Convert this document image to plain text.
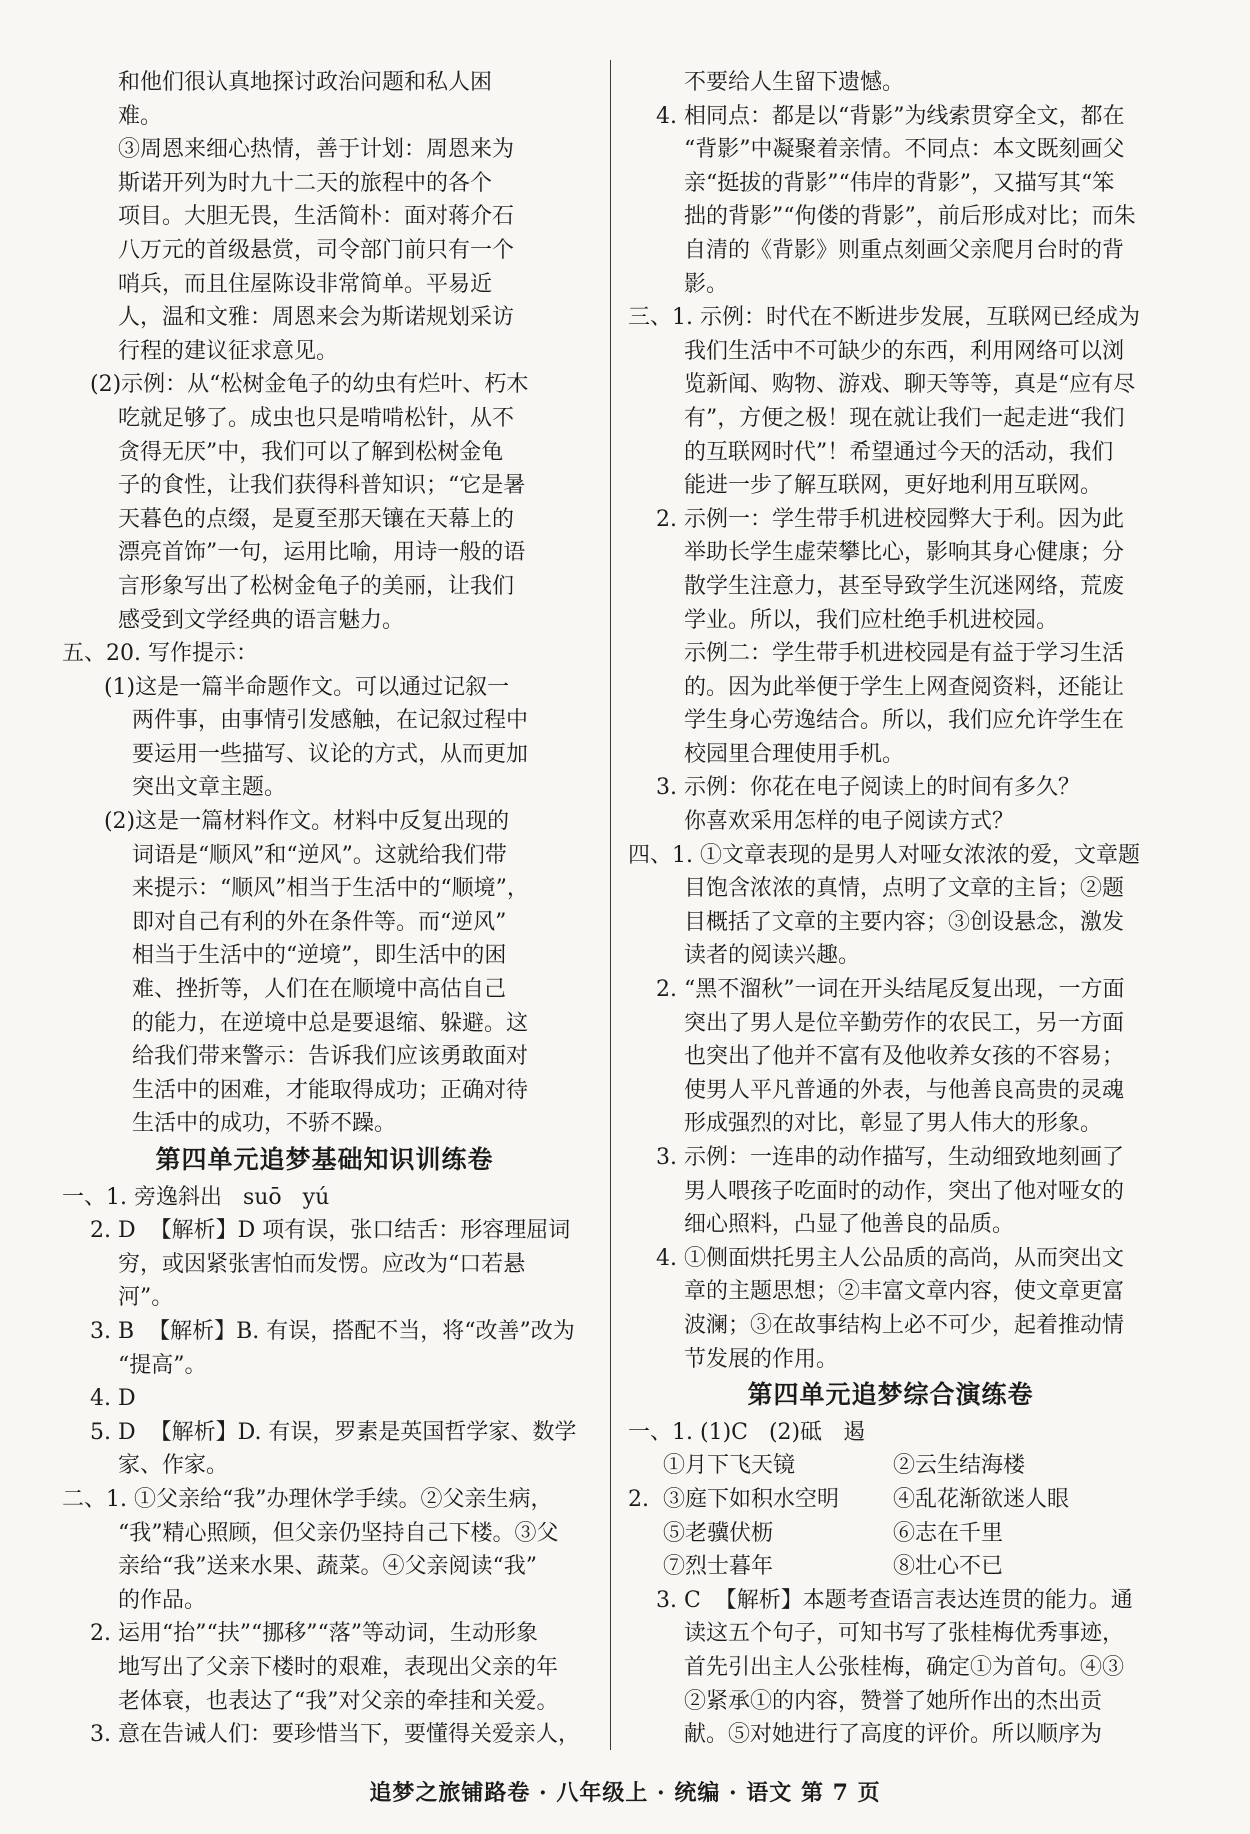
和他们很认真地探讨政治问题和私人困
难。

③周恩来细心热情，善于计划：周恩来为
斯诺开列为时九十二天的旅程中的各个
项目。大胆无畏，生活简朴：面对蒋介石
八万元的首级悬赏，司令部门前只有一个
哨兵，而且住屋陈设非常简单。平易近
人，温和文雅：周恩来会为斯诺规划采访
行程的建议征求意见。

(2)示例：从“松树金龟子的幼虫有烂叶、朽木
吃就足够了。成虫也只是啃啃松针，从不
贪得无厌”中，我们可以了解到松树金龟
子的食性，让我们获得科普知识；“它是暑
天暮色的点缀，是夏至那天镶在天幕上的
漂亮首饰”一句，运用比喻，用诗一般的语
言形象写出了松树金龟子的美丽，让我们
感受到文学经典的语言魅力。

五、20. 写作提示：

(1)这是一篇半命题作文。可以通过记叙一
两件事，由事情引发感触，在记叙过程中
要运用一些描写、议论的方式，从而更加
突出文章主题。

(2)这是一篇材料作文。材料中反复出现的
词语是“顺风”和“逆风”。这就给我们带
来提示：“顺风”相当于生活中的“顺境”，
即对自己有利的外在条件等。而“逆风”
相当于生活中的“逆境”，即生活中的困
难、挫折等，人们在在顺境中高估自己
的能力，在逆境中总是要退缩、躲避。这
给我们带来警示：告诉我们应该勇敢面对
生活中的困难，才能取得成功；正确对待
生活中的成功，不骄不躁。

第四单元追梦基础知识训练卷

一、1. 旁逸斜出   suō   yú

2. D  【解析】D 项有误，张口结舌：形容理屈词
穷，或因紧张害怕而发愣。应改为“口若悬
河”。

3. B  【解析】B. 有误，搭配不当，将“改善”改为
“提高”。

4. D

5. D  【解析】D. 有误，罗素是英国哲学家、数学
家、作家。

二、1. ①父亲给“我”办理休学手续。②父亲生病，
“我”精心照顾，但父亲仍坚持自己下楼。③父
亲给“我”送来水果、蔬菜。④父亲阅读“我”
的作品。

2. 运用“抬”“扶”“挪移”“落”等动词，生动形象
地写出了父亲下楼时的艰难，表现出父亲的年
老体衰，也表达了“我”对父亲的牵挂和关爱。

3. 意在告诫人们：要珍惜当下，要懂得关爱亲人，

不要给人生留下遗憾。

4. 相同点：都是以“背影”为线索贯穿全文，都在
“背影”中凝聚着亲情。不同点：本文既刻画父
亲“挺拔的背影”“伟岸的背影”，又描写其“笨
拙的背影”“佝偻的背影”，前后形成对比；而朱
自清的《背影》则重点刻画父亲爬月台时的背
影。

三、1. 示例：时代在不断进步发展，互联网已经成为
我们生活中不可缺少的东西，利用网络可以浏
览新闻、购物、游戏、聊天等等，真是“应有尽
有”，方便之极！现在就让我们一起走进“我们
的互联网时代”！希望通过今天的活动，我们
能进一步了解互联网，更好地利用互联网。

2. 示例一：学生带手机进校园弊大于利。因为此
举助长学生虚荣攀比心，影响其身心健康；分
散学生注意力，甚至导致学生沉迷网络，荒废
学业。所以，我们应杜绝手机进校园。
示例二：学生带手机进校园是有益于学习生活
的。因为此举便于学生上网查阅资料，还能让
学生身心劳逸结合。所以，我们应允许学生在
校园里合理使用手机。

3. 示例：你花在电子阅读上的时间有多久？
你喜欢采用怎样的电子阅读方式？

四、1. ①文章表现的是男人对哑女浓浓的爱，文章题
目饱含浓浓的真情，点明了文章的主旨；②题
目概括了文章的主要内容；③创设悬念，激发
读者的阅读兴趣。

2. “黑不溜秋”一词在开头结尾反复出现，一方面
突出了男人是位辛勤劳作的农民工，另一方面
也突出了他并不富有及他收养女孩的不容易；
使男人平凡普通的外表，与他善良高贵的灵魂
形成强烈的对比，彰显了男人伟大的形象。

3. 示例：一连串的动作描写，生动细致地刻画了
男人喂孩子吃面时的动作，突出了他对哑女的
细心照料，凸显了他善良的品质。

4. ①侧面烘托男主人公品质的高尚，从而突出文
章的主题思想；②丰富文章内容，使文章更富
波澜；③在故事结构上必不可少，起着推动情
节发展的作用。

第四单元追梦综合演练卷

一、1. (1)C   (2)砥   遏

2.
①月下飞天镜	②云生结海楼
③庭下如积水空明	④乱花渐欲迷人眼
⑤老骥伏枥	⑥志在千里
⑦烈士暮年	⑧壮心不已

3. C  【解析】本题考查语言表达连贯的能力。通
读这五个句子，可知书写了张桂梅优秀事迹，
首先引出主人公张桂梅，确定①为首句。④③
②紧承①的内容，赞誉了她所作出的杰出贡
献。⑤对她进行了高度的评价。所以顺序为

追梦之旅铺路卷 · 八年级上 · 统编 · 语文 第 7 页
